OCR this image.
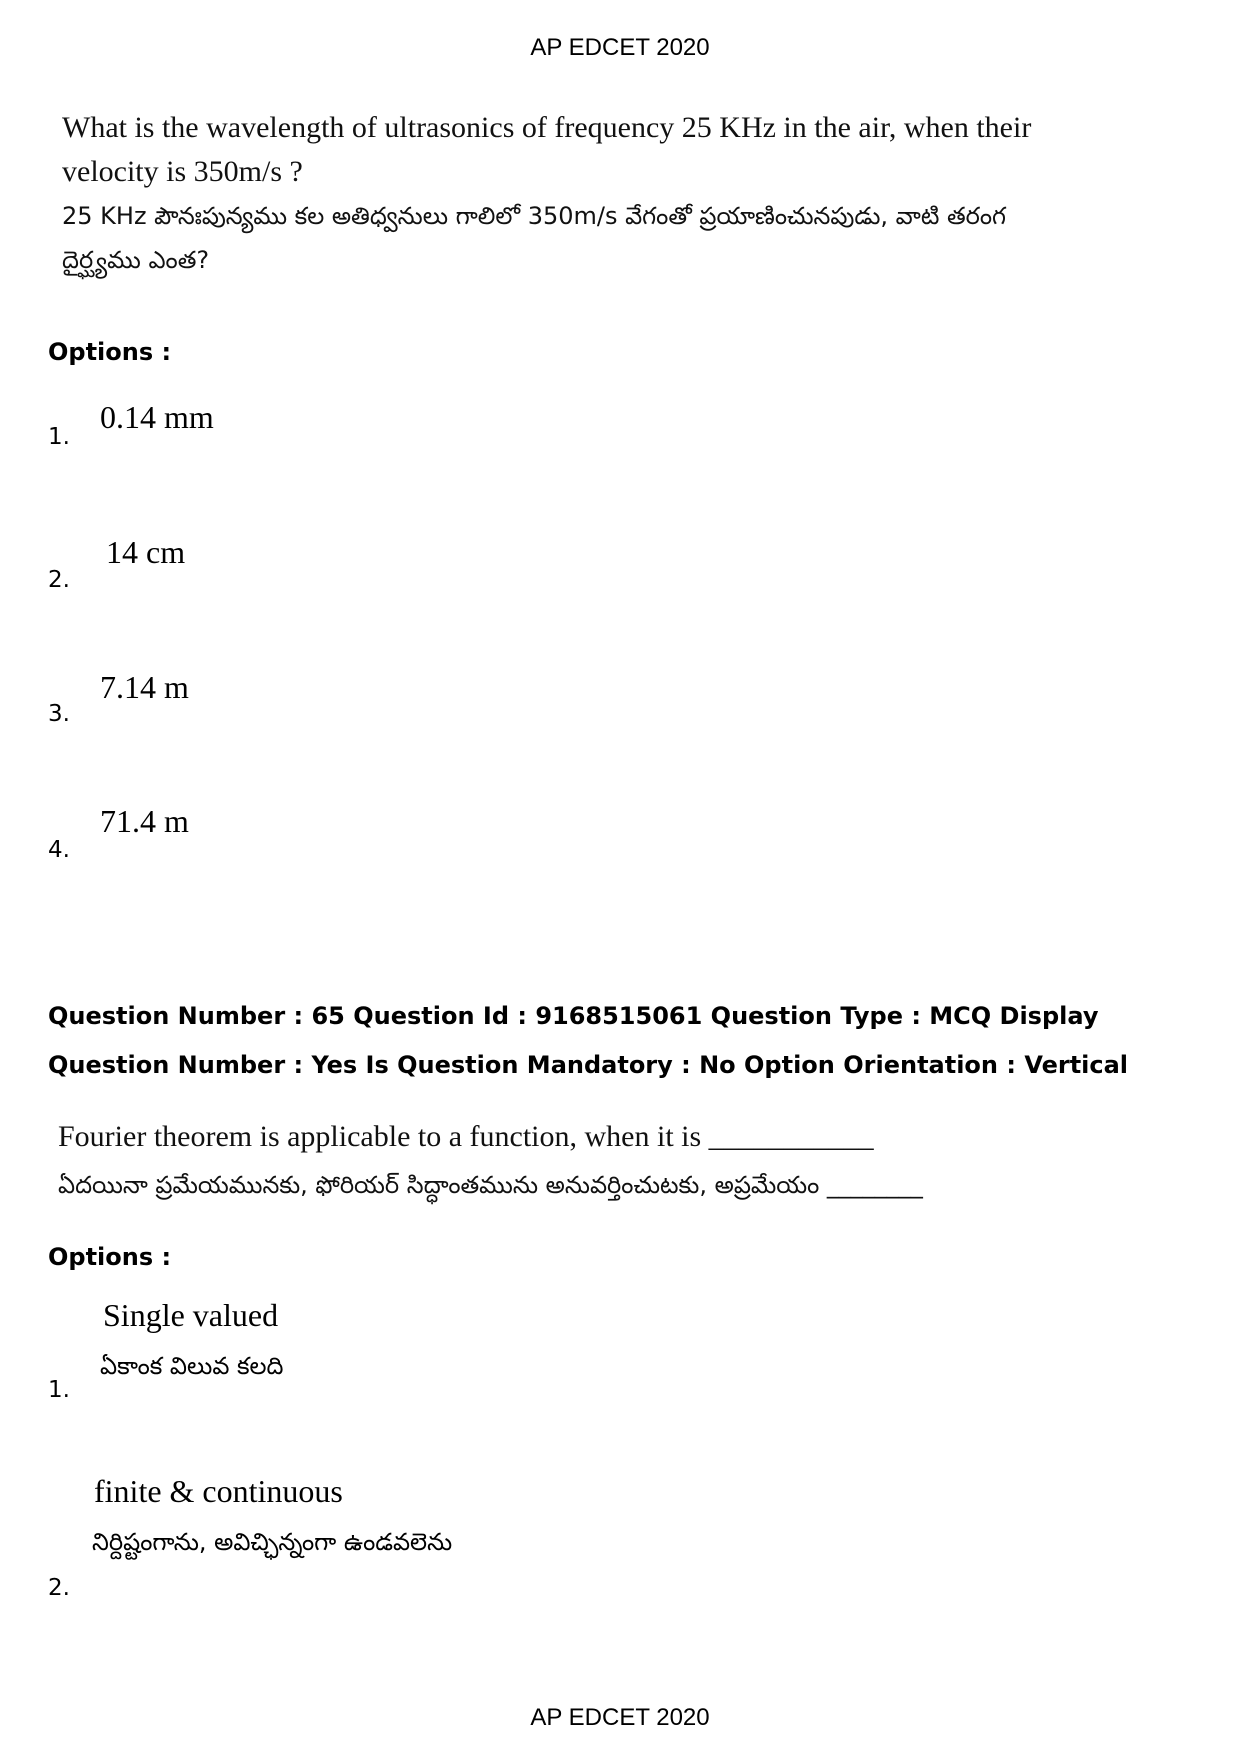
AP EDCET 2020
What is the wavelength of ultrasonics of frequency 25 KHz in the air, when their
velocity is 350m/s ?
25 KHz పౌనఃపున్యము కల అతిధ్వనులు గాలిలో 350m/s వేగంతో ప్రయాణించునపుడు, వాటి తరంగ
దైర్ఘ్యము ఎంత?
Options :
1.
0.14 mm
2.
14 cm
3.
7.14 m
4.
71.4 m
Question Number : 65 Question Id : 9168515061 Question Type : MCQ Display Question Number : Yes Is Question Mandatory : No Option Orientation : Vertical
Fourier theorem is applicable to a function, when it is ___________
ఏదయినా ప్రమేయమునకు, ఫోరియర్ సిద్ధాంతమును అనువర్తించుటకు, అప్రమేయం ________
Options :
1.
Single valued
ఏకాంక విలువ కలది
2.
finite & continuous
నిర్దిష్టంగాను, అవిచ్ఛిన్నంగా ఉండవలెను
AP EDCET 2020
